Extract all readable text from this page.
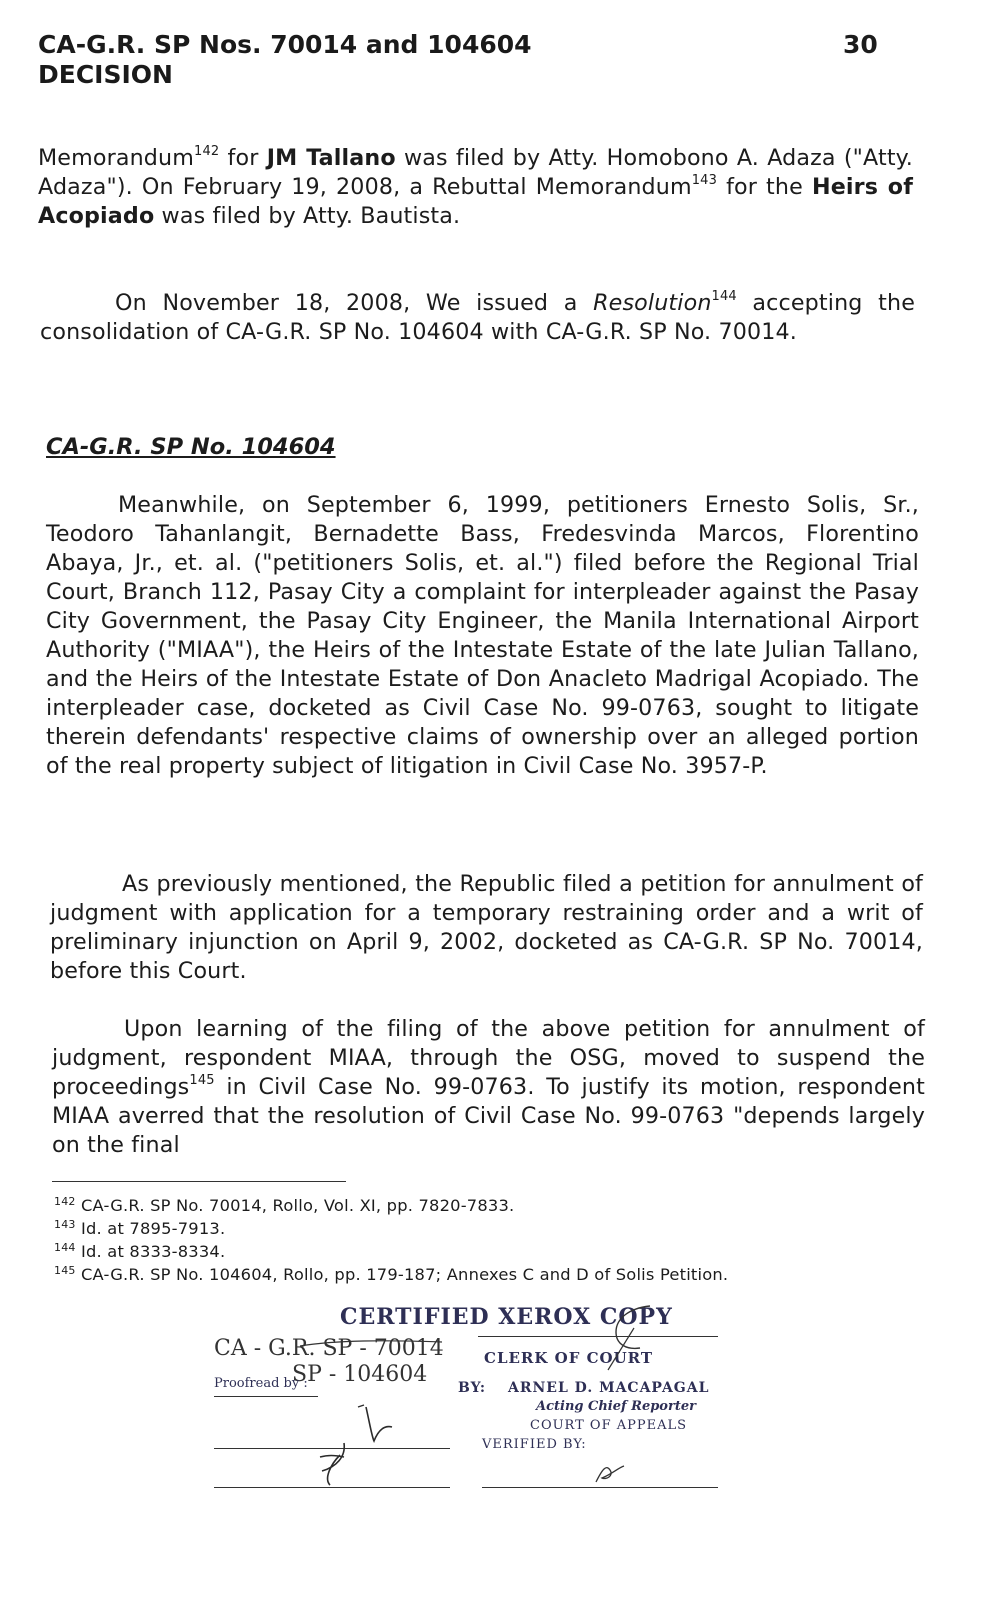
CA-G.R. SP Nos. 70014 and 104604
DECISION
30
Memorandum$^{142}$ for JM Tallano was filed by Atty. Homobono A. Adaza ("Atty. Adaza"). On February 19, 2008, a Rebuttal Memorandum$^{143}$ for the Heirs of Acopiado was filed by Atty. Bautista.
On November 18, 2008, We issued a Resolution$^{144}$ accepting the consolidation of CA-G.R. SP No. 104604 with CA-G.R. SP No. 70014.
CA-G.R. SP No. 104604
Meanwhile, on September 6, 1999, petitioners Ernesto Solis, Sr., Teodoro Tahanlangit, Bernadette Bass, Fredesvinda Marcos, Florentino Abaya, Jr., et. al. ("petitioners Solis, et. al.") filed before the Regional Trial Court, Branch 112, Pasay City a complaint for interpleader against the Pasay City Government, the Pasay City Engineer, the Manila International Airport Authority ("MIAA"), the Heirs of the Intestate Estate of the late Julian Tallano, and the Heirs of the Intestate Estate of Don Anacleto Madrigal Acopiado. The interpleader case, docketed as Civil Case No. 99-0763, sought to litigate therein defendants' respective claims of ownership over an alleged portion of the real property subject of litigation in Civil Case No. 3957-P.
As previously mentioned, the Republic filed a petition for annulment of judgment with application for a temporary restraining order and a writ of preliminary injunction on April 9, 2002, docketed as CA-G.R. SP No. 70014, before this Court.
Upon learning of the filing of the above petition for annulment of judgment, respondent MIAA, through the OSG, moved to suspend the proceedings$^{145}$ in Civil Case No. 99-0763. To justify its motion, respondent MIAA averred that the resolution of Civil Case No. 99-0763 "depends largely on the final
$^{142}$ CA-G.R. SP No. 70014, Rollo, Vol. XI, pp. 7820-7833.
$^{143}$ Id. at 7895-7913.
$^{144}$ Id. at 8333-8334.
$^{145}$ CA-G.R. SP No. 104604, Rollo, pp. 179-187; Annexes C and D of Solis Petition.
CERTIFIED XEROX COPY
CLERK OF COURT
CA - G.R. SP - 70014
SP - 104604
Proofread by :	BY: ARNEL D. MACAPAGAL
Acting Chief Reporter
COURT OF APPEALS
VERIFIED BY:
